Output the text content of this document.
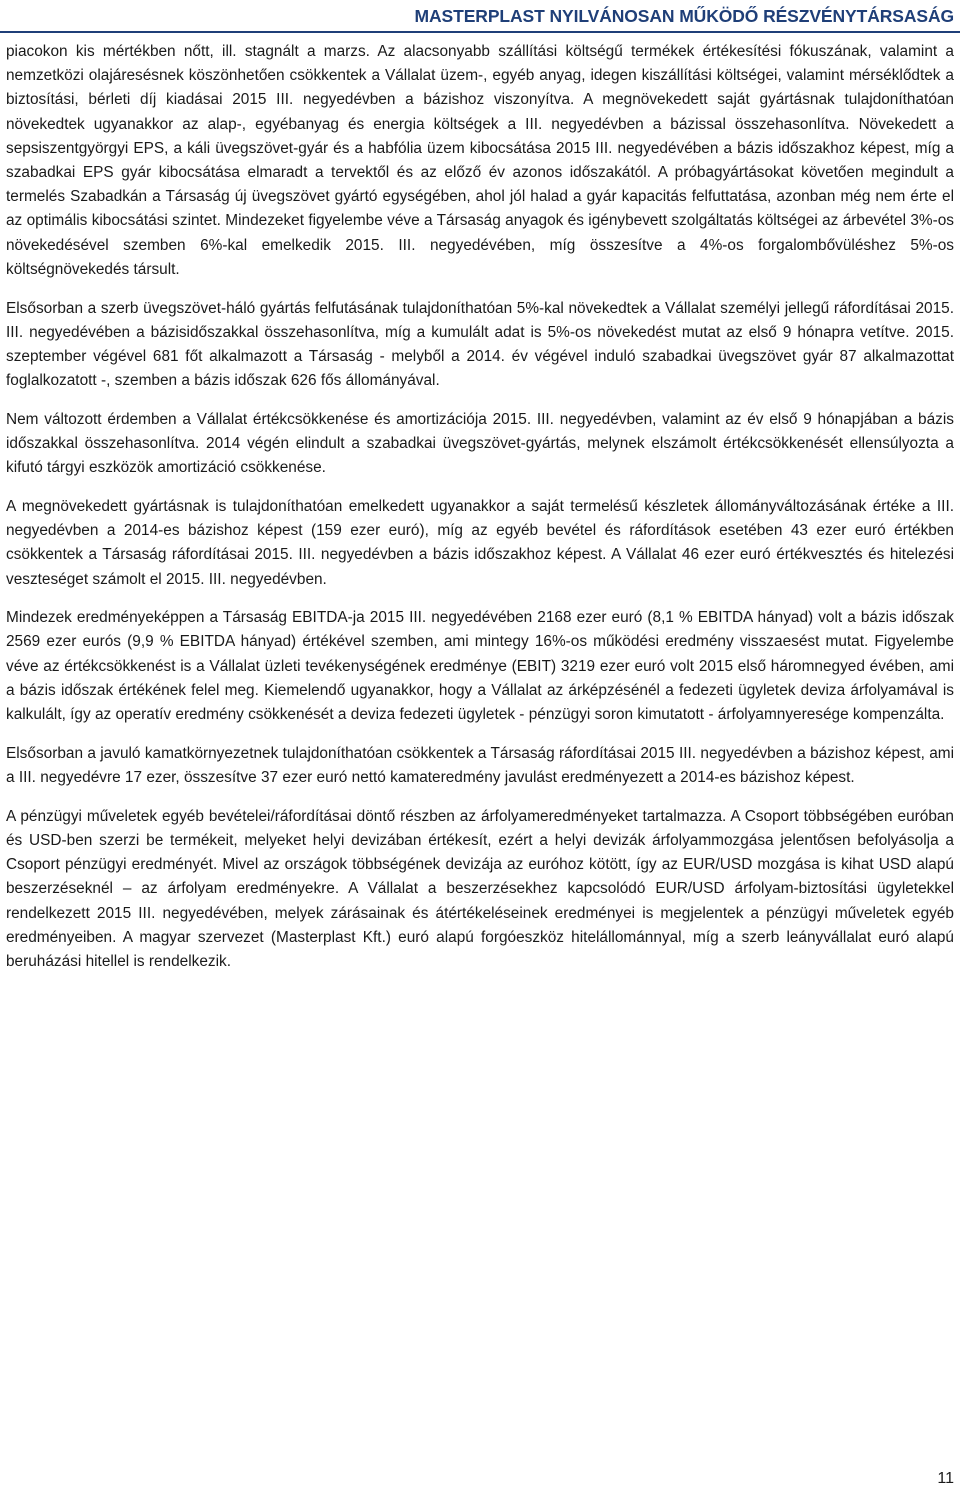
MASTERPLAST NYILVÁNOSAN MŰKÖDŐ RÉSZVÉNYTÁRSASÁG

piacokon kis mértékben nőtt, ill. stagnált a marzs. Az alacsonyabb szállítási költségű termékek értékesítési fókuszának, valamint a nemzetközi olajáresésnek köszönhetően csökkentek a Vállalat üzem-, egyéb anyag, idegen kiszállítási költségei, valamint mérséklődtek a biztosítási, bérleti díj kiadásai 2015 III. negyedévben a bázishoz viszonyítva. A megnövekedett saját gyártásnak tulajdoníthatóan növekedtek ugyanakkor az alap-, egyébanyag és energia költségek a III. negyedévben a bázissal összehasonlítva. Növekedett a sepsiszentgyörgyi EPS, a káli üvegszövet-gyár és a habfólia üzem kibocsátása 2015 III. negyedévében a bázis időszakhoz képest, míg a szabadkai EPS gyár kibocsátása elmaradt a tervektől és az előző év azonos időszakától. A próbagyártásokat követően megindult a termelés Szabadkán a Társaság új üvegszövet gyártó egységében, ahol jól halad a gyár kapacitás felfuttatása, azonban még nem érte el az optimális kibocsátási szintet. Mindezeket figyelembe véve a Társaság anyagok és igénybevett szolgáltatás költségei az árbevétel 3%-os növekedésével szemben 6%-kal emelkedik 2015. III. negyedévében, míg összesítve a 4%-os forgalombővüléshez 5%-os költségnövekedés társult.

Elsősorban a szerb üvegszövet-háló gyártás felfutásának tulajdoníthatóan 5%-kal növekedtek a Vállalat személyi jellegű ráfordításai 2015. III. negyedévében a bázisidőszakkal összehasonlítva, míg a kumulált adat is 5%-os növekedést mutat az első 9 hónapra vetítve. 2015. szeptember végével 681 főt alkalmazott a Társaság - melyből a 2014. év végével induló szabadkai üvegszövet gyár 87 alkalmazottat foglalkozatott -, szemben a bázis időszak 626 fős állományával.

Nem változott érdemben a Vállalat értékcsökkenése és amortizációja 2015. III. negyedévben, valamint az év első 9 hónapjában a bázis időszakkal összehasonlítva. 2014 végén elindult a szabadkai üvegszövet-gyártás, melynek elszámolt értékcsökkenését ellensúlyozta a kifutó tárgyi eszközök amortizáció csökkenése.

A megnövekedett gyártásnak is tulajdoníthatóan emelkedett ugyanakkor a saját termelésű készletek állományváltozásának értéke a III. negyedévben a 2014-es bázishoz képest (159 ezer euró), míg az egyéb bevétel és ráfordítások esetében 43 ezer euró értékben csökkentek a Társaság ráfordításai 2015. III. negyedévben a bázis időszakhoz képest. A Vállalat 46 ezer euró értékvesztés és hitelezési veszteséget számolt el 2015. III. negyedévben.

Mindezek eredményeképpen a Társaság EBITDA-ja 2015 III. negyedévében 2168 ezer euró (8,1 % EBITDA hányad) volt a bázis időszak 2569 ezer eurós (9,9 % EBITDA hányad) értékével szemben, ami mintegy 16%-os működési eredmény visszaesést mutat. Figyelembe véve az értékcsökkenést is a Vállalat üzleti tevékenységének eredménye (EBIT) 3219 ezer euró volt 2015 első háromnegyed évében, ami a bázis időszak értékének felel meg. Kiemelendő ugyanakkor, hogy a Vállalat az árképzésénél a fedezeti ügyletek deviza árfolyamával is kalkulált, így az operatív eredmény csökkenését a deviza fedezeti ügyletek - pénzügyi soron kimutatott - árfolyamnyeresége kompenzálta.

Elsősorban a javuló kamatkörnyezetnek tulajdoníthatóan csökkentek a Társaság ráfordításai 2015 III. negyedévben a bázishoz képest, ami a III. negyedévre 17 ezer, összesítve 37 ezer euró nettó kamateredmény javulást eredményezett a 2014-es bázishoz képest.

A pénzügyi műveletek egyéb bevételei/ráfordításai döntő részben az árfolyameredményeket tartalmazza. A Csoport többségében euróban és USD-ben szerzi be termékeit, melyeket helyi devizában értékesít, ezért a helyi devizák árfolyammozgása jelentősen befolyásolja a Csoport pénzügyi eredményét. Mivel az országok többségének devizája az euróhoz kötött, így az EUR/USD mozgása is kihat USD alapú beszerzéseknél – az árfolyam eredményekre. A Vállalat a beszerzésekhez kapcsolódó EUR/USD árfolyam-biztosítási ügyletekkel rendelkezett 2015 III. negyedévében, melyek zárásainak és átértékeléseinek eredményei is megjelentek a pénzügyi műveletek egyéb eredményeiben. A magyar szervezet (Masterplast Kft.) euró alapú forgóeszköz hitelállománnyal, míg a szerb leányvállalat euró alapú beruházási hitellel is rendelkezik.

11
